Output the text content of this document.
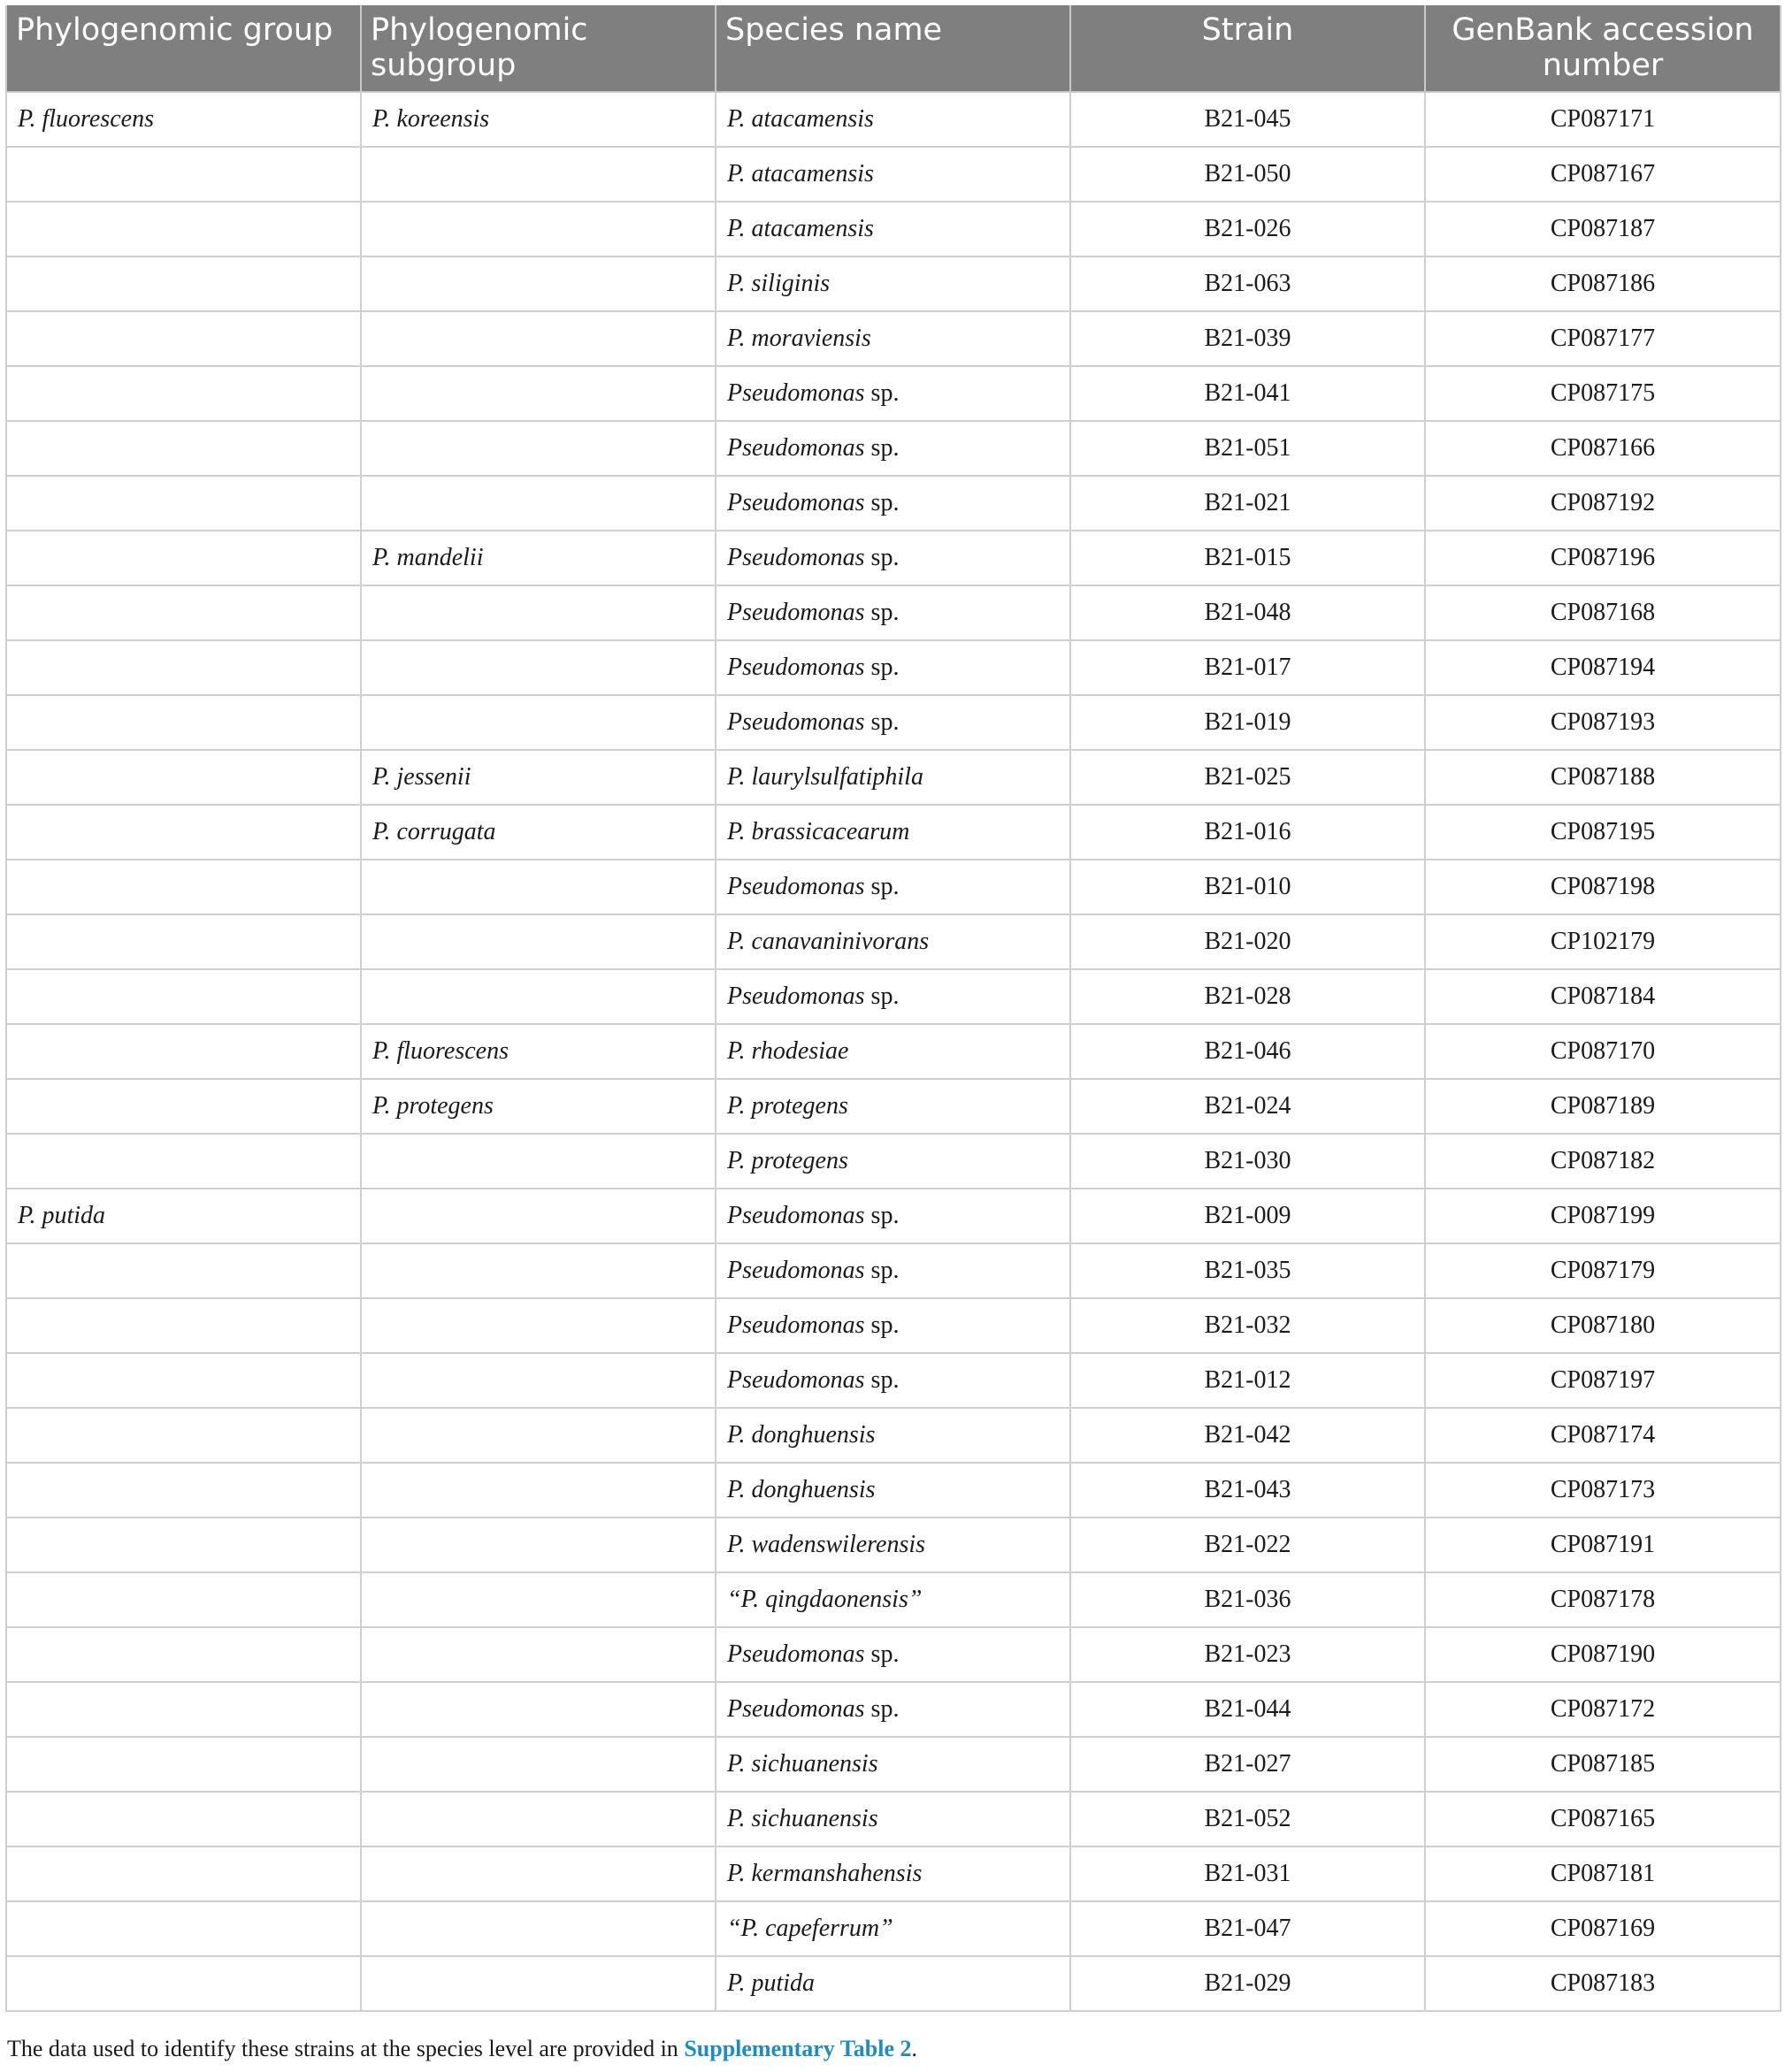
Phylogenomic group	Phylogenomic subgroup	Species name	Strain	GenBank accession number
P. fluorescens	P. koreensis	P. atacamensis	B21-045	CP087171
		P. atacamensis	B21-050	CP087167
		P. atacamensis	B21-026	CP087187
		P. siliginis	B21-063	CP087186
		P. moraviensis	B21-039	CP087177
		Pseudomonas sp.	B21-041	CP087175
		Pseudomonas sp.	B21-051	CP087166
		Pseudomonas sp.	B21-021	CP087192
	P. mandelii	Pseudomonas sp.	B21-015	CP087196
		Pseudomonas sp.	B21-048	CP087168
		Pseudomonas sp.	B21-017	CP087194
		Pseudomonas sp.	B21-019	CP087193
	P. jessenii	P. laurylsulfatiphila	B21-025	CP087188
	P. corrugata	P. brassicacearum	B21-016	CP087195
		Pseudomonas sp.	B21-010	CP087198
		P. canavaninivorans	B21-020	CP102179
		Pseudomonas sp.	B21-028	CP087184
	P. fluorescens	P. rhodesiae	B21-046	CP087170
	P. protegens	P. protegens	B21-024	CP087189
		P. protegens	B21-030	CP087182
P. putida		Pseudomonas sp.	B21-009	CP087199
		Pseudomonas sp.	B21-035	CP087179
		Pseudomonas sp.	B21-032	CP087180
		Pseudomonas sp.	B21-012	CP087197
		P. donghuensis	B21-042	CP087174
		P. donghuensis	B21-043	CP087173
		P. wadenswilerensis	B21-022	CP087191
		“P. qingdaonensis”	B21-036	CP087178
		Pseudomonas sp.	B21-023	CP087190
		Pseudomonas sp.	B21-044	CP087172
		P. sichuanensis	B21-027	CP087185
		P. sichuanensis	B21-052	CP087165
		P. kermanshahensis	B21-031	CP087181
		“P. capeferrum”	B21-047	CP087169
		P. putida	B21-029	CP087183
The data used to identify these strains at the species level are provided in Supplementary Table 2.
